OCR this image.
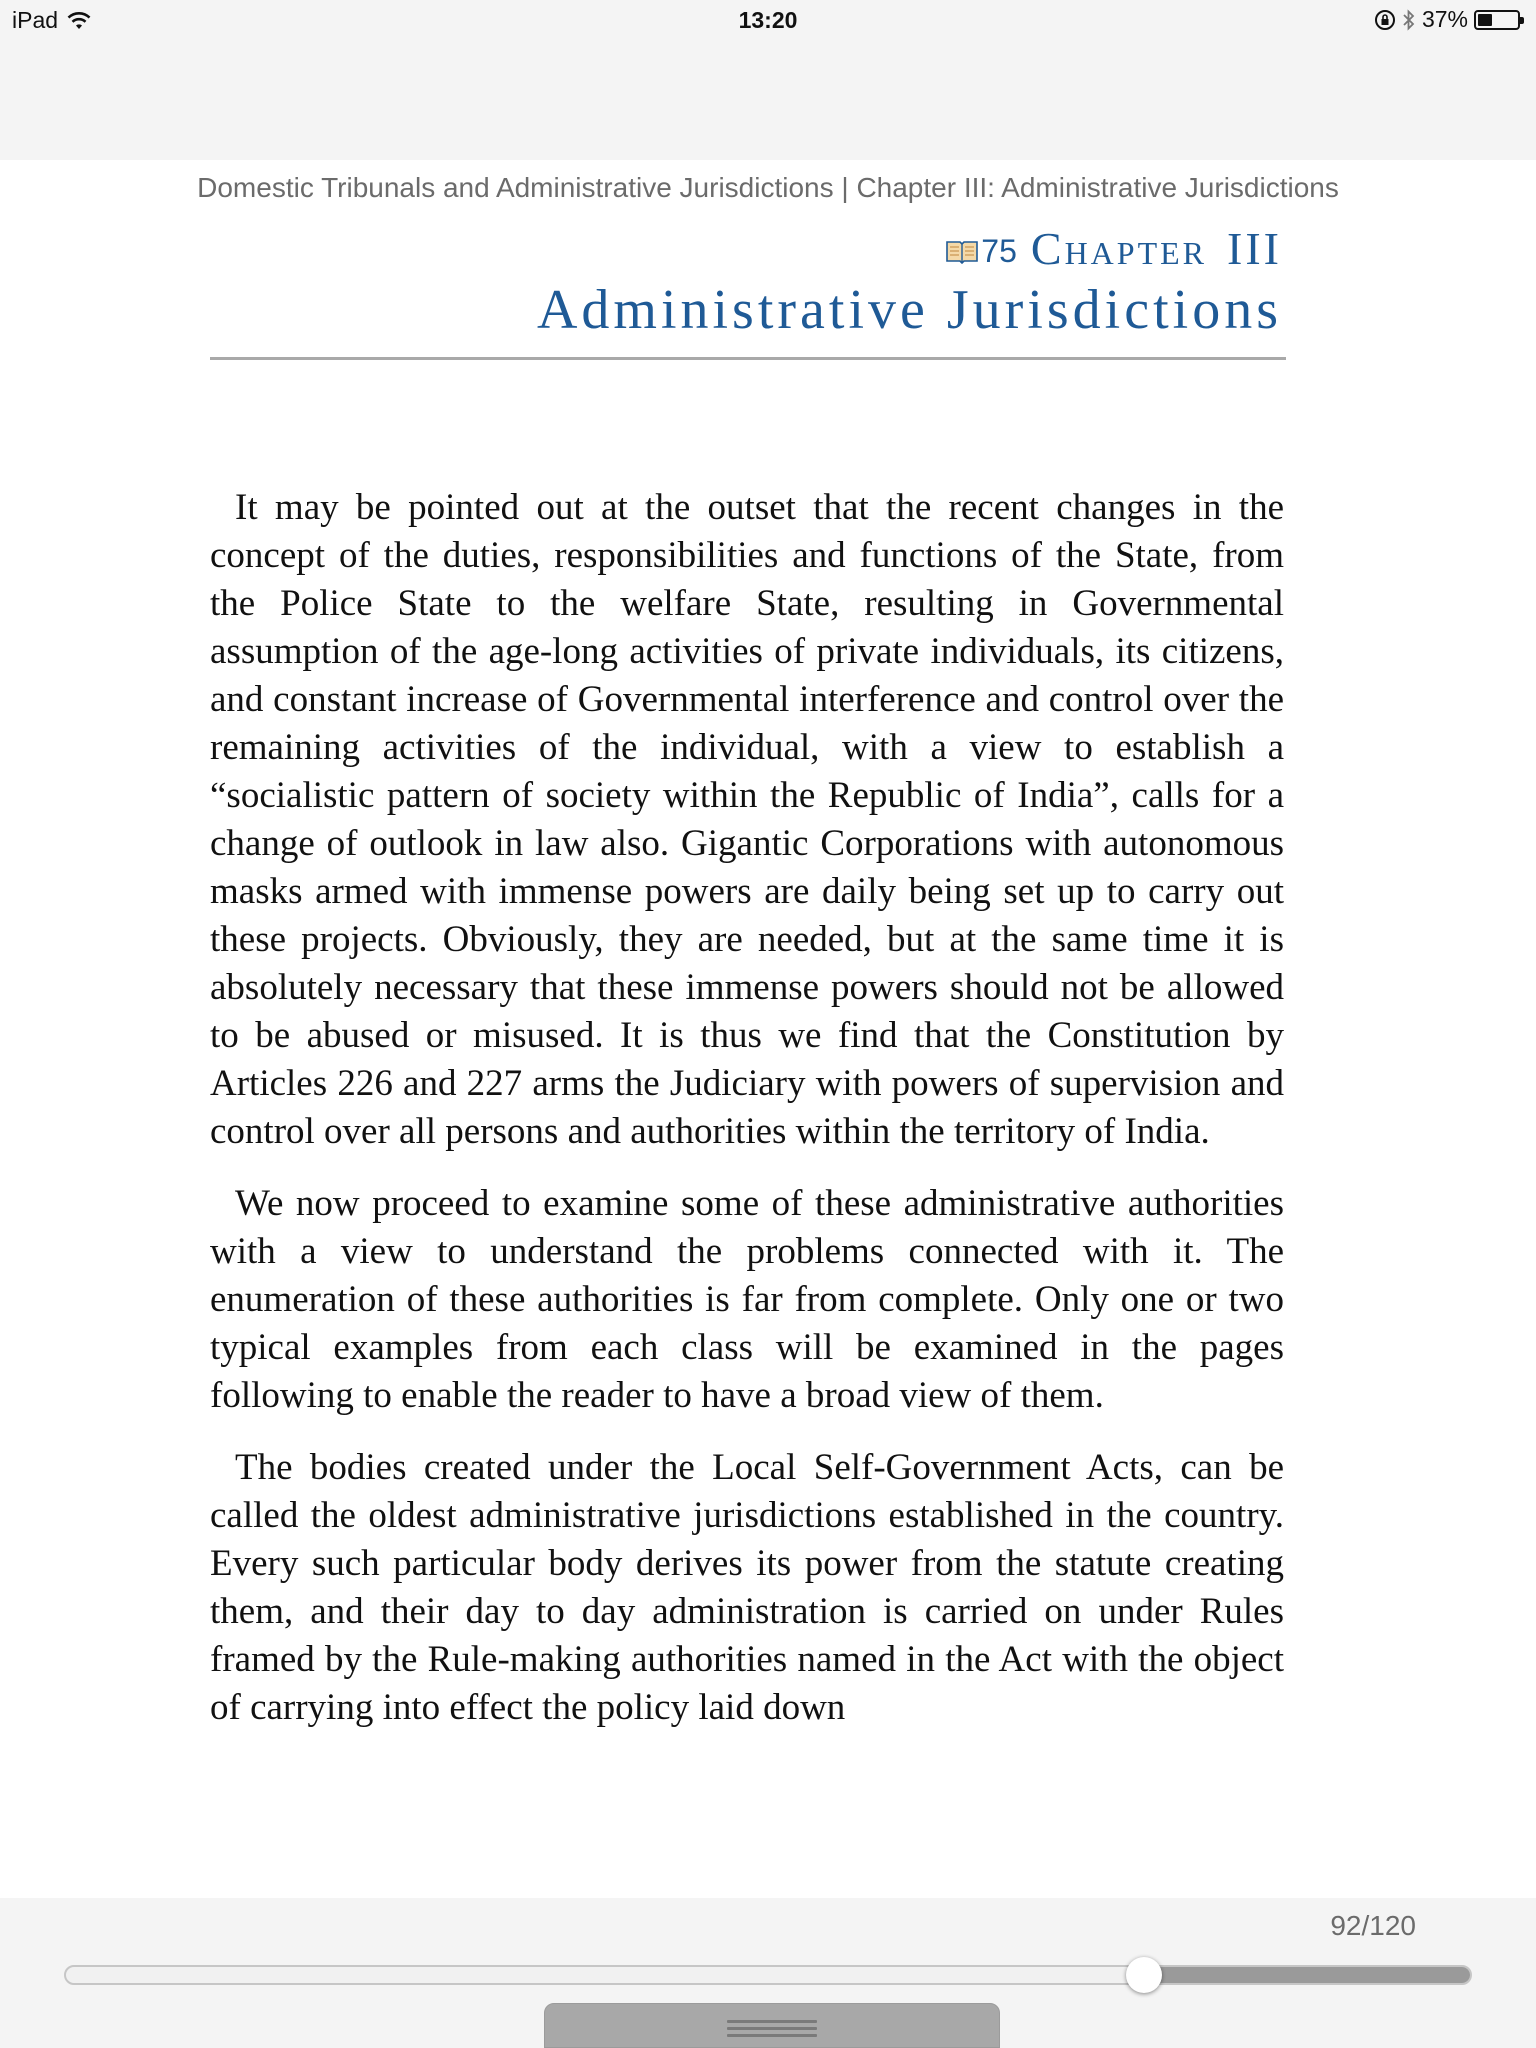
iPad	13:20	37%
Domestic Tribunals and Administrative Jurisdictions | Chapter III: Administrative Jurisdictions
75 Chapter III
Administrative Jurisdictions

It may be pointed out at the outset that the recent changes in the concept of the duties, responsibilities and functions of the State, from the Police State to the welfare State, resulting in Governmental assumption of the age-long activities of private individuals, its citizens, and constant increase of Governmental interference and control over the remaining activities of the individual, with a view to establish a “socialistic pattern of society within the Republic of India”, calls for a change of outlook in law also. Gigantic Corporations with autonomous masks armed with immense powers are daily being set up to carry out these projects. Obviously, they are needed, but at the same time it is absolutely necessary that these immense powers should not be allowed to be abused or misused. It is thus we find that the Constitution by Articles 226 and 227 arms the Judiciary with powers of supervision and control over all persons and authorities within the territory of India.

We now proceed to examine some of these administrative authorities with a view to understand the problems connected with it. The enumeration of these authorities is far from complete. Only one or two typical examples from each class will be examined in the pages following to enable the reader to have a broad view of them.

The bodies created under the Local Self-Government Acts, can be called the oldest administrative jurisdictions established in the country. Every such particular body derives its power from the statute creating them, and their day to day administration is carried on under Rules framed by the Rule-making authorities named in the Act with the object of carrying into effect the policy laid down

92/120
